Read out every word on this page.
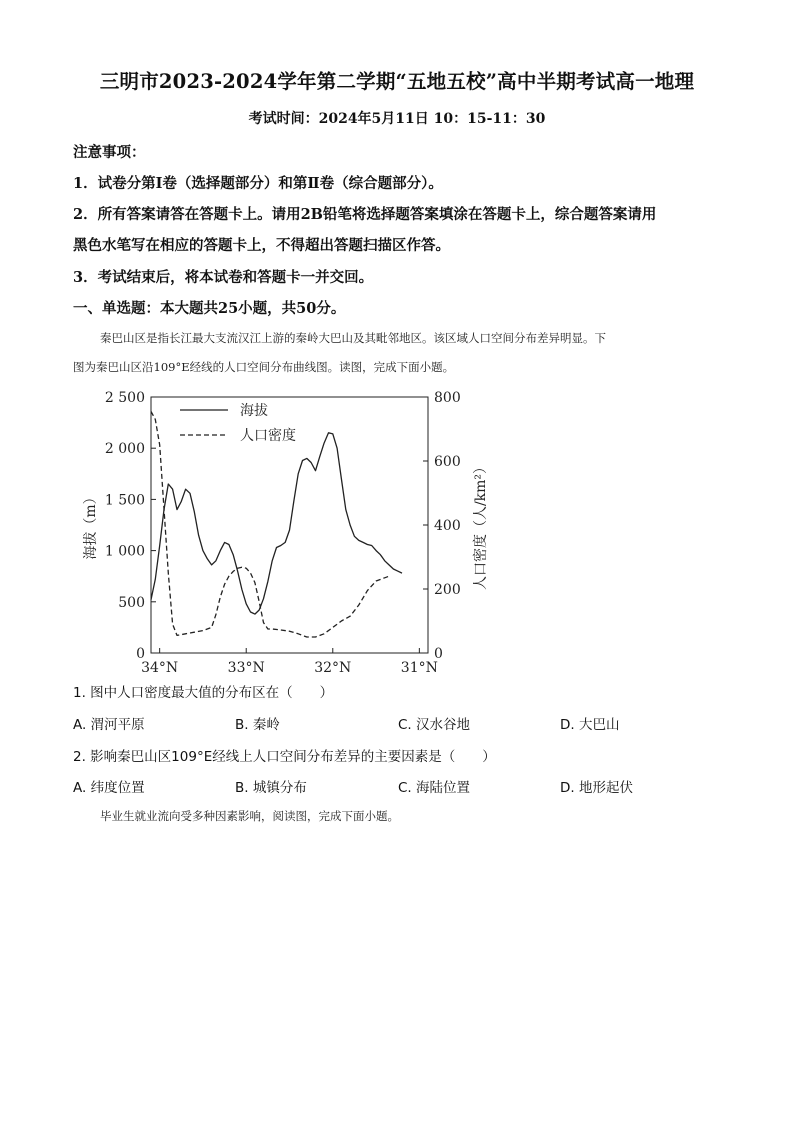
三明市2023-2024学年第二学期“五地五校”高中半期考试高一地理
考试时间：2024年5月11日 10：15-11：30
注意事项：
1．试卷分第Ⅰ卷（选择题部分）和第Ⅱ卷（综合题部分）。
2．所有答案请答在答题卡上。请用2B铅笔将选择题答案填涂在答题卡上，综合题答案请用
黑色水笔写在相应的答题卡上，不得超出答题扫描区作答。
3．考试结束后，将本试卷和答题卡一并交回。
一、单选题：本大题共25小题，共50分。
秦巴山区是指长江最大支流汉江上游的秦岭大巴山及其毗邻地区。该区域人口空间分布差异明显。下
图为秦巴山区沿109°E经线的人口空间分布曲线图。读图，完成下面小题。
0
500
1 000
1 500
2 000
2 500
0
200
400
600
800
34°N	33°N	32°N	31°N
海拔（m）	人口密度（人/km²）
海拔
人口密度
1. 图中人口密度最大值的分布区在（　　）
A. 渭河平原	B. 秦岭	C. 汉水谷地	D. 大巴山
2. 影响秦巴山区109°E经线上人口空间分布差异的主要因素是（　　）
A. 纬度位置	B. 城镇分布	C. 海陆位置	D. 地形起伏
毕业生就业流向受多种因素影响，阅读图，完成下面小题。
